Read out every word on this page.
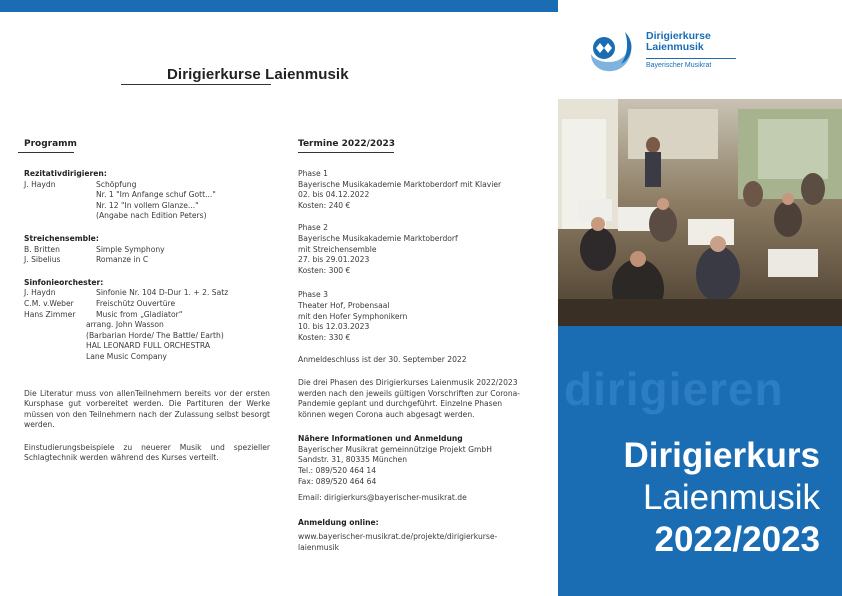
Dirigierkurse Laienmusik
Programm
Rezitativdirigieren:
J. Haydn	Schöpfung
Nr. 1 "Im Anfange schuf Gott..."
Nr. 12 "In vollem Glanze..."
(Angabe nach Edition Peters)
Streichensemble:
B. Britten	Simple Symphony
J. Sibelius	Romanze in C
Sinfonieorchester:
J. Haydn	Sinfonie Nr. 104 D-Dur 1. + 2. Satz
C.M. v.Weber	Freischütz Ouvertüre
Hans Zimmer	Music from „Gladiator“
arrang. John Wasson
(Barbarian Horde/ The Battle/ Earth)
HAL LEONARD FULL ORCHESTRA
Lane Music Company
Die Literatur muss von allenTeilnehmern bereits vor der ersten Kursphase gut vorbereitet werden. Die Partituren der Werke müssen von den Teilnehmern nach der Zulassung selbst besorgt werden.
Einstudierungsbeispiele zu neuerer Musik und spezieller Schlagtechnik werden während des Kurses verteilt.
Termine 2022/2023
Phase 1
Bayerische Musikakademie Marktoberdorf mit Klavier
02. bis 04.12.2022
Kosten: 240 €
Phase 2
Bayerische Musikakademie Marktoberdorf
mit Streichensemble
27. bis 29.01.2023
Kosten: 300 €
Phase 3
Theater Hof, Probensaal
mit den Hofer Symphonikern
10. bis 12.03.2023
Kosten: 330 €
Anmeldeschluss ist der 30. September 2022
Die drei Phasen des Dirigierkurses Laienmusik 2022/2023 werden nach den jeweils gültigen Vorschriften zur Corona-Pandemie geplant und durchgeführt. Einzelne Phasen können wegen Corona auch abgesagt werden.
Nähere Informationen und Anmeldung
Bayerischer Musikrat gemeinnützige Projekt GmbH
Sandstr. 31, 80335 München
Tel.: 089/520 464 14
Fax: 089/520 464 64
Email: dirigierkurs@bayerischer-musikrat.de
Anmeldung online:
www.bayerischer-musikrat.de/projekte/dirigierkurse-laienmusik
Dirigierkurse
Laienmusik
Bayerischer Musikrat
dirigieren
Dirigierkurs
Laienmusik
2022/2023
